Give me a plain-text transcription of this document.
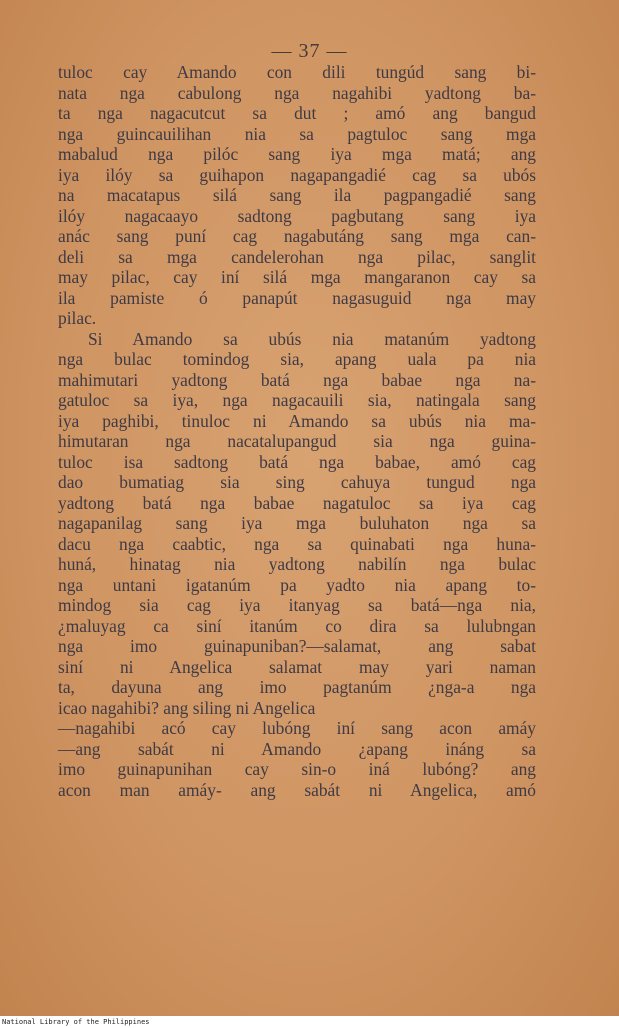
— 37 —
tuloc cay Amando con dili tungúd sang bi-
nata nga cabulong nga nagahibi yadtong ba-
ta nga nagacutcut sa dut ; amó ang bangud
nga guincauilihan nia sa pagtuloc sang mga
mabalud nga pilóc sang iya mga matá; ang
iya ilóy sa guihapon nagapangadié cag sa ubós
na macatapus silá sang ila pagpangadié sang
ilóy nagacaayo sadtong pagbutang sang iya
anác sang puní cag nagabutáng sang mga can-
deli sa mga candelerohan nga pilac, sanglit
may pilac, cay iní silá mga mangaranon cay sa
ila pamiste ó panapút nagasuguid nga may
pilac.
Si Amando sa ubús nia matanúm yadtong
nga bulac tomindog sia, apang uala pa nia
mahimutari yadtong batá nga babae nga na-
gatuloc sa iya, nga nagacauili sia, natingala sang
iya paghibi, tinuloc ni Amando sa ubús nia ma-
himutaran nga nacatalupangud sia nga guina-
tuloc isa sadtong batá nga babae, amó cag
dao bumatiag sia sing cahuya tungud nga
yadtong batá nga babae nagatuloc sa iya cag
nagapanilag sang iya mga buluhaton nga sa
dacu nga caabtic, nga sa quinabati nga huna-
huná, hinatag nia yadtong nabilín nga bulac
nga untani igatanúm pa yadto nia apang to-
mindog sia cag iya itanyag sa batá—nga nia,
¿maluyag ca siní itanúm co dira sa lulubngan
nga imo guinapuniban?—salamat, ang sabat
siní ni Angelica salamat may yari naman
ta, dayuna ang imo pagtanúm ¿nga-a nga
icao nagahibi? ang siling ni Angelica
—nagahibi acó cay lubóng iní sang acon amáy
—ang sabát ni Amando ¿apang ináng sa
imo guinapunihan cay sin-o iná lubóng? ang
acon man amáy- ang sabát ni Angelica, amó
National Library of the Philippines
